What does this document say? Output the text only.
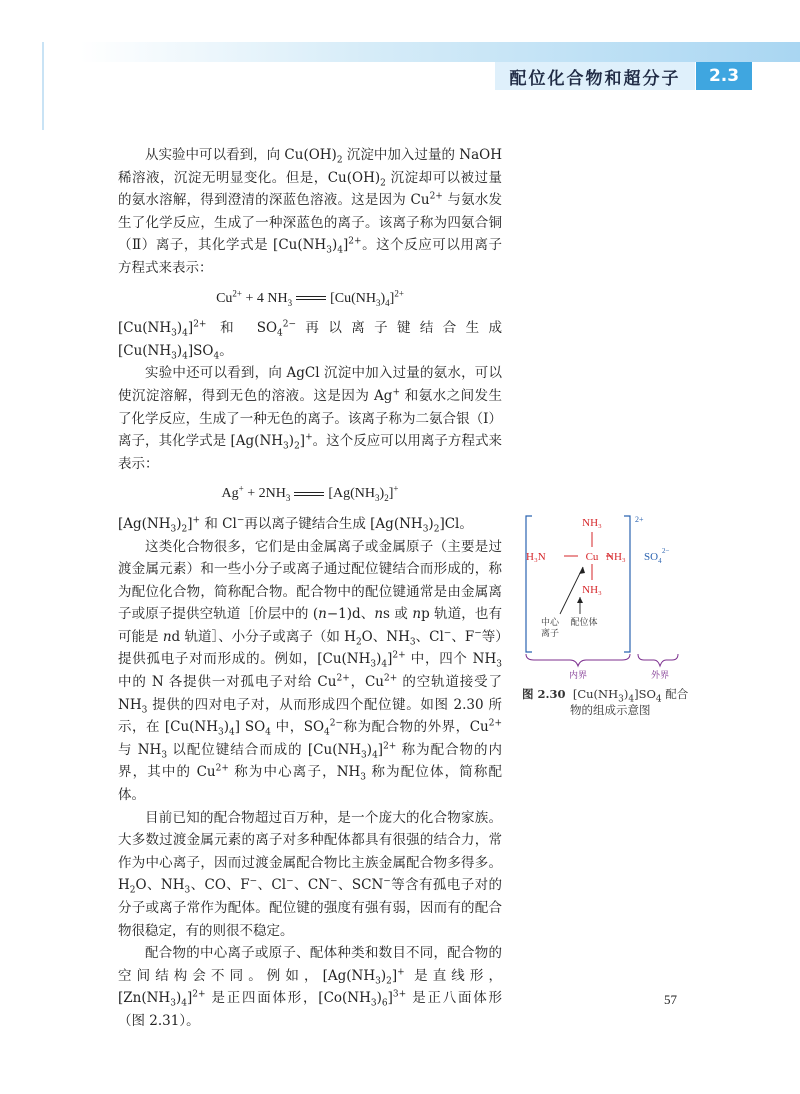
配位化合物和超分子	2.3

从实验中可以看到，向 $Cu(OH)_2$ 沉淀中加入过量的 NaOH 稀溶液，沉淀无明显变化。但是，$Cu(OH)_2$ 沉淀却可以被过量的氨水溶解，得到澄清的深蓝色溶液。这是因为 $Cu^{2+}$ 与氨水发生了化学反应，生成了一种深蓝色的离子。该离子称为四氨合铜（Ⅱ）离子，其化学式是 $[Cu(NH_3)_4]^{2+}$。这个反应可以用离子方程式来表示：

$Cu^{2+} + 4$ $NH_3$	$[Cu(NH_3)_4]^{2+}$

$[Cu(NH_3)_4]^{2+}$ 和 $SO_4^{2-}$再以离子键结合生成 $[Cu(NH_3)_4]SO_4$。

实验中还可以看到，向 AgCl 沉淀中加入过量的氨水，可以使沉淀溶解，得到无色的溶液。这是因为 Ag+ 和氨水之间发生了化学反应，生成了一种无色的离子。该离子称为二氨合银（Ⅰ）离子，其化学式是 $[Ag(NH_3)_2]^+$。这个反应可以用离子方程式来表示：

$Ag^+ + 2NH_3$	$[Ag(NH_3)_2]^+$

$[Ag(NH_3)_2]^+$ 和 Cl−再以离子键结合生成 $[Ag(NH_3)_2]Cl$。

这类化合物很多，它们是由金属离子或金属原子（主要是过渡金属元素）和一些小分子或离子通过配位键结合而形成的，称为配位化合物，简称配合物。配合物中的配位键通常是由金属离子或原子提供空轨道［价层中的 (n−1)d、ns 或 np 轨道，也有可能是 nd 轨道］、小分子或离子（如 $H_2O$、$NH_3$、Cl−、F−等）提供孤电子对而形成的。例如，$[Cu(NH_3)_4]^{2+}$ 中，四个 $NH_3$ 中的 N 各提供一对孤电子对给 $Cu^{2+}$，$Cu^{2+}$ 的空轨道接受了 $NH_3$ 提供的四对电子对，从而形成四个配位键。如图 2.30 所示，在 $[Cu(NH_3)_4]$ $SO_4$ 中，$SO_4^{2-}$称为配合物的外界，$Cu^{2+}$ 与 $NH_3$ 以配位键结合而成的 $[Cu(NH_3)_4]^{2+}$ 称为配合物的内界，其中的 $Cu^{2+}$ 称为中心离子，$NH_3$ 称为配位体，简称配体。

目前已知的配合物超过百万种，是一个庞大的化合物家族。大多数过渡金属元素的离子对多种配体都具有很强的结合力，常作为中心离子，因而过渡金属配合物比主族金属配合物多得多。$H_2O$、$NH_3$、CO、F−、Cl−、CN−、SCN−等含有孤电子对的分子或离子常作为配体。配位键的强度有强有弱，因而有的配合物很稳定，有的则很不稳定。

配合物的中心离子或原子、配体种类和数目不同，配合物的空间结构会不同。例如，$[Ag(NH_3)_2]^+$ 是直线形，$[Zn(NH_3)_4]^{2+}$ 是正四面体形，$[Co(NH_3)_6]^{3+}$ 是正八面体形（图 2.31）。

2+
NH₃
H₃N	Cu NH₃
NH₃
$SO_4$
2−
中心
离子
配位体
内界	外界
图 2.30 $[Cu(NH_3)_4]SO_4$ 配合
物的组成示意图
57
